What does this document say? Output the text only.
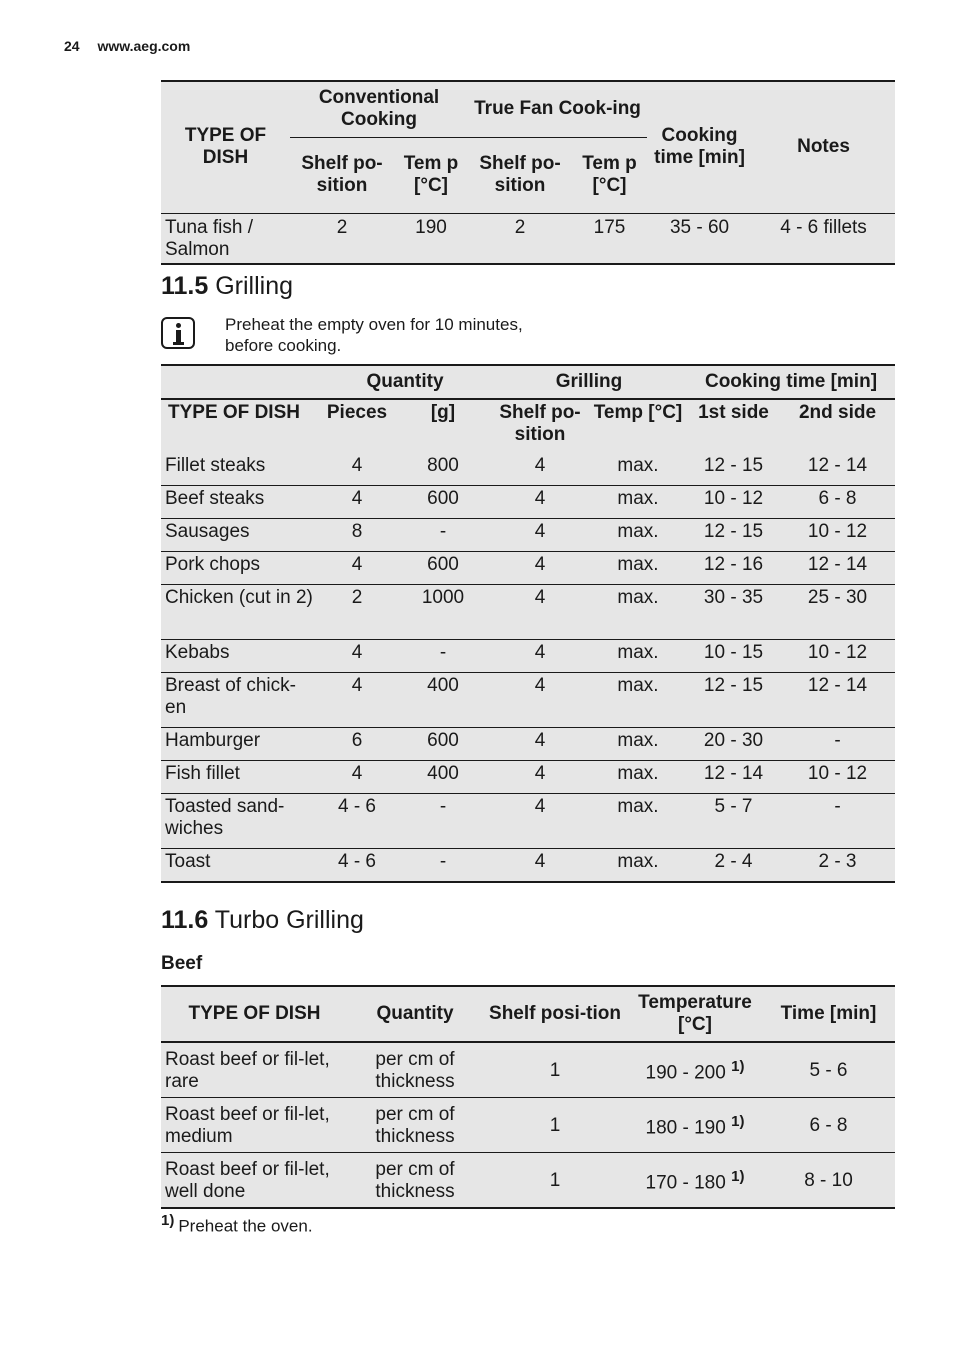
24 www.aeg.com
TYPE OF DISH	Conventional Cooking		True Fan Cook-ing		Cooking time [min]	Notes
	Shelf po-sition	Tem p [°C]	Shelf po-sition	Tem p [°C]		
Tuna fish / Salmon	2	190	2	175	35 - 60	4 - 6 fillets
11.5 Grilling
Preheat the empty oven for 10 minutes, before cooking.
	Quantity		Grilling		Cooking time [min]	
TYPE OF DISH	Pieces	[g]	Shelf po-sition	Temp [°C]	1st side	2nd side
Fillet steaks	4	800	4	max.	12 - 15	12 - 14
Beef steaks	4	600	4	max.	10 - 12	6 - 8
Sausages	8	-	4	max.	12 - 15	10 - 12
Pork chops	4	600	4	max.	12 - 16	12 - 14
Chicken (cut in 2)	2	1000	4	max.	30 - 35	25 - 30
Kebabs	4	-	4	max.	10 - 15	10 - 12
Breast of chick-en	4	400	4	max.	12 - 15	12 - 14
Hamburger	6	600	4	max.	20 - 30	-
Fish fillet	4	400	4	max.	12 - 14	10 - 12
Toasted sand-wiches	4 - 6	-	4	max.	5 - 7	-
Toast	4 - 6	-	4	max.	2 - 4	2 - 3
11.6 Turbo Grilling
Beef
TYPE OF DISH	Quantity	Shelf posi-tion	Temperature [°C]	Time [min]
Roast beef or fil-let, rare	per cm of thickness	1	190 - 200 $^{1)}$	5 - 6
Roast beef or fil-let, medium	per cm of thickness	1	180 - 190 $^{1)}$	6 - 8
Roast beef or fil-let, well done	per cm of thickness	1	170 - 180 $^{1)}$	8 - 10
$^{1)}$ Preheat the oven.
